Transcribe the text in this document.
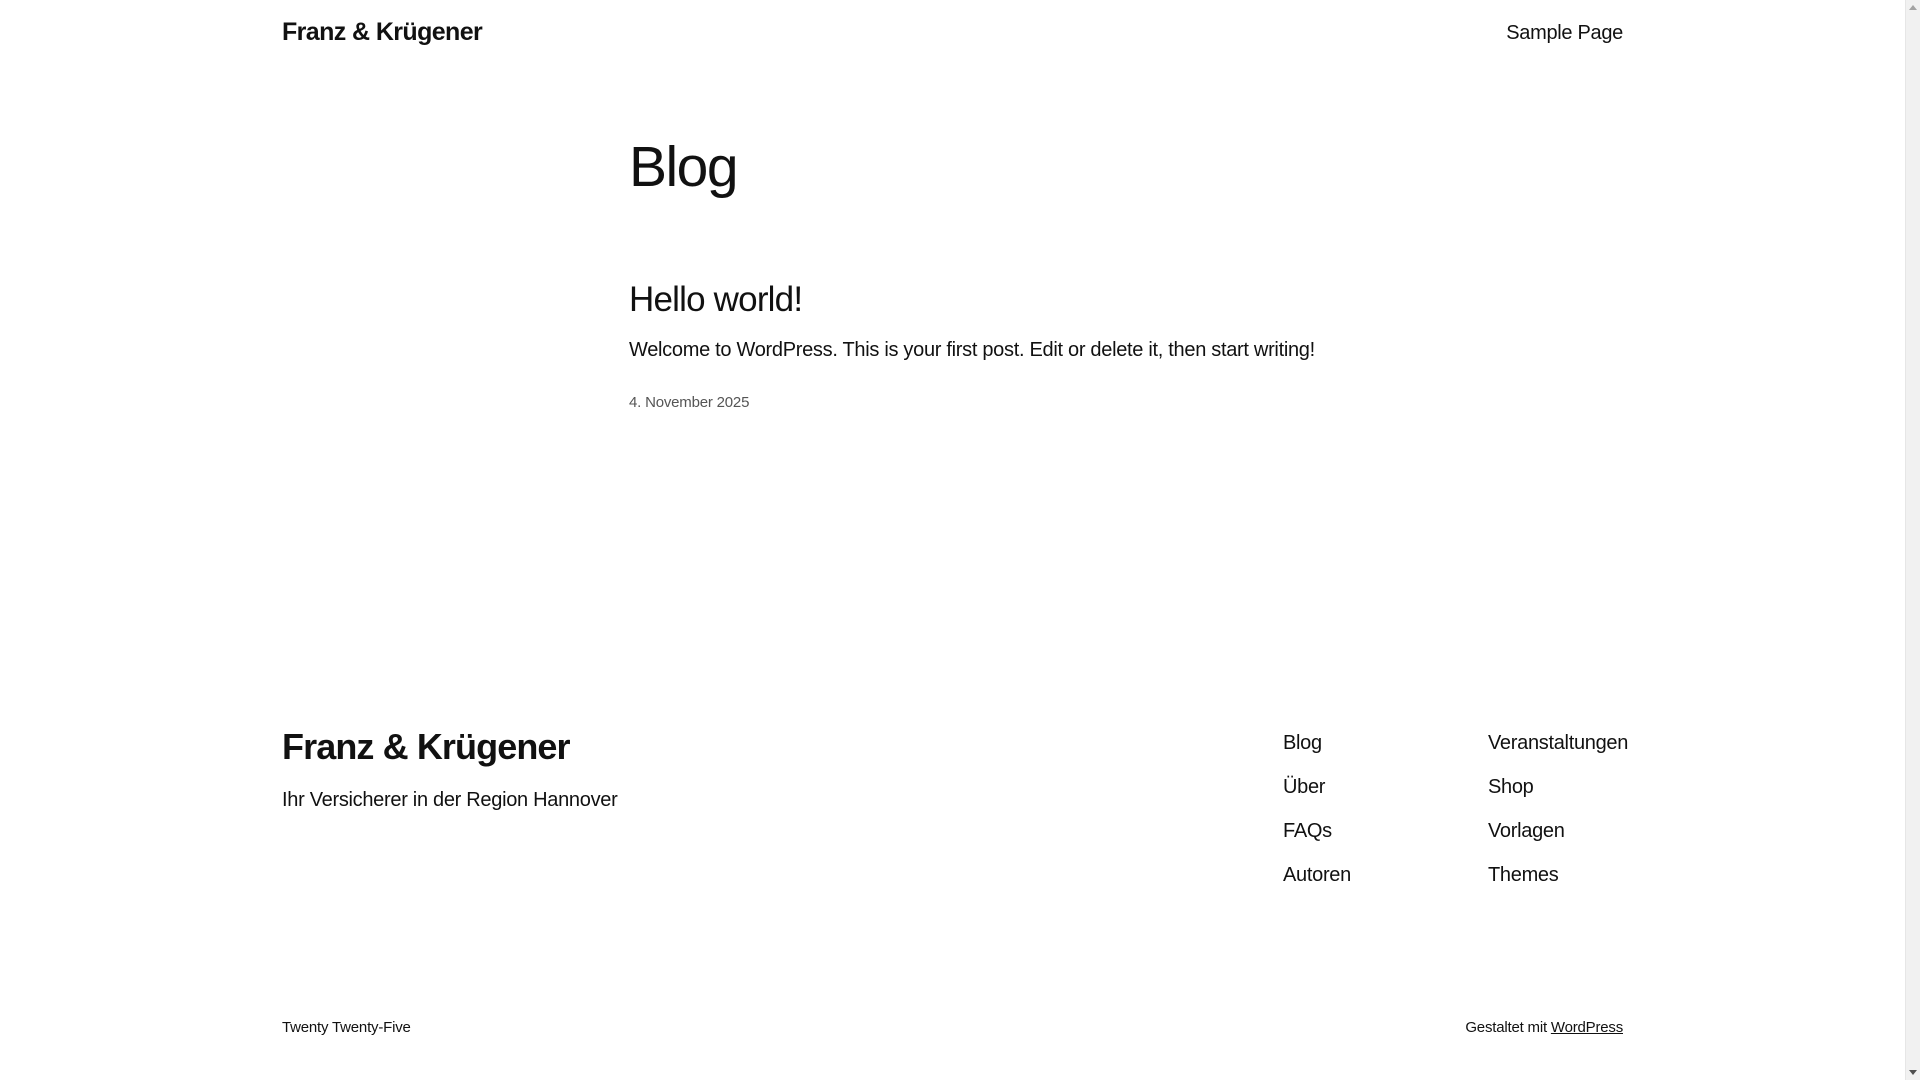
Franz & Krügener	Sample Page
Blog
Hello world!

Welcome to WordPress. This is your first post. Edit or delete it, then start writing!

4. November 2025
Franz & Krügener

Ihr Versicherer in der Region Hannover

Blog
Über
FAQs
Autoren
Veranstaltungen
Shop
Vorlagen
Themes
Twenty Twenty-Five	Gestaltet mit WordPress
